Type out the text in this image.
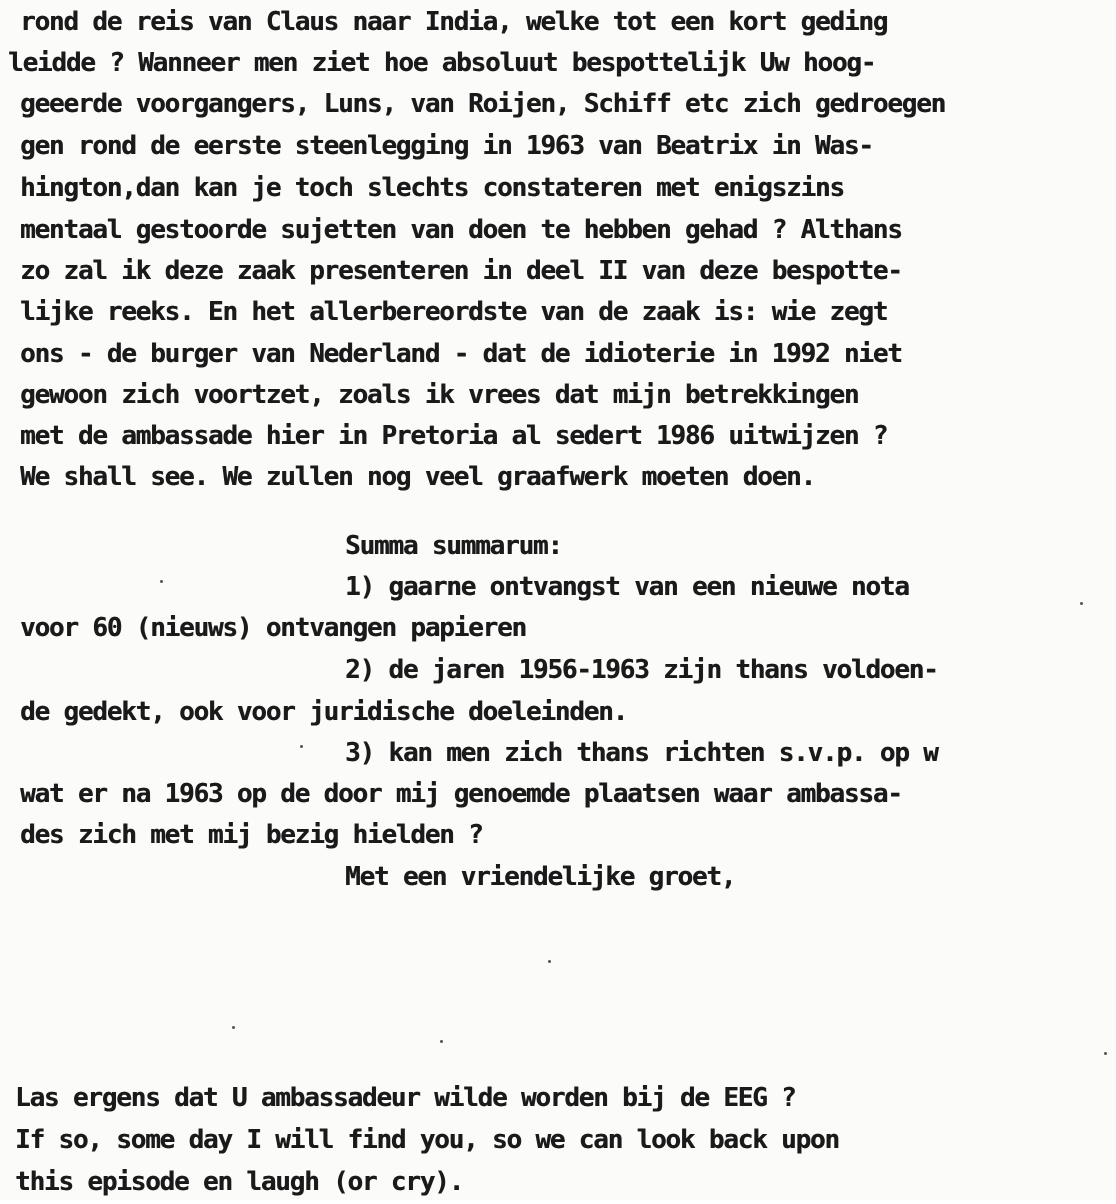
rond de reis van Claus naar India, welke tot een kort geding
leidde ? Wanneer men ziet hoe absoluut bespottelijk Uw hoog-
geeerde voorgangers, Luns, van Roijen, Schiff etc zich gedroegen
gen rond de eerste steenlegging in 1963 van Beatrix in Was-
hington,dan kan je toch slechts constateren met enigszins
mentaal gestoorde sujetten van doen te hebben gehad ? Althans
zo zal ik deze zaak presenteren in deel II van deze bespotte-
lijke reeks. En het allerbereordste van de zaak is: wie zegt
ons - de burger van Nederland - dat de idioterie in 1992 niet
gewoon zich voortzet, zoals ik vrees dat mijn betrekkingen
met de ambassade hier in Pretoria al sedert 1986 uitwijzen ?
We shall see. We zullen nog veel graafwerk moeten doen.
Summa summarum:
1) gaarne ontvangst van een nieuwe nota
voor 60 (nieuws) ontvangen papieren
2) de jaren 1956-1963 zijn thans voldoen-
de gedekt, ook voor juridische doeleinden.
3) kan men zich thans richten s.v.p. op w
wat er na 1963 op de door mij genoemde plaatsen waar ambassa-
des zich met mij bezig hielden ?
Met een vriendelijke groet,
Las ergens dat U ambassadeur wilde worden bij de EEG ?
If so, some day I will find you, so we can look back upon
this episode en laugh (or cry).
